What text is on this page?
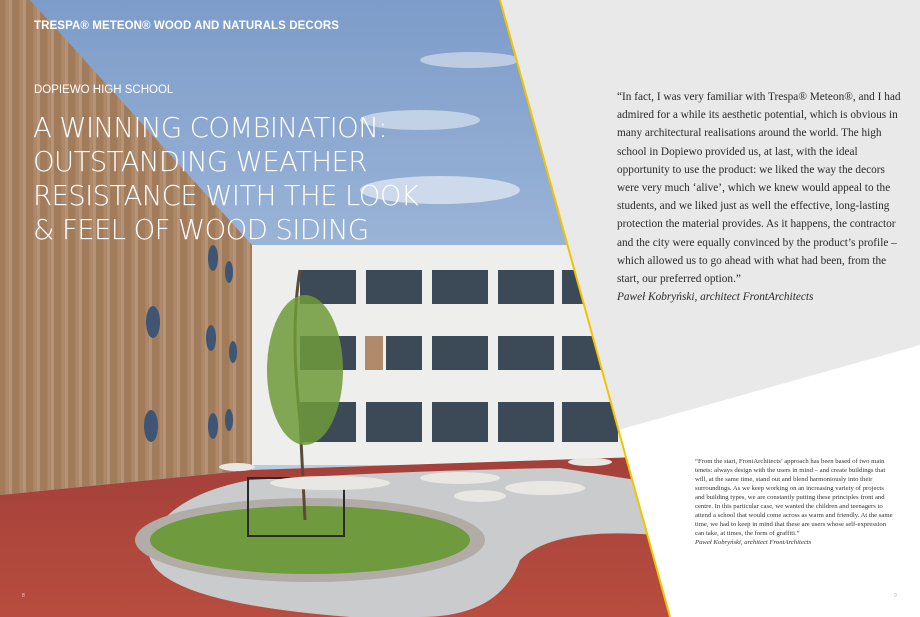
TRESPA® METEON® WOOD AND NATURALS DECORS
DOPIEWO HIGH SCHOOL
A WINNING COMBINATION:
OUTSTANDING WEATHER
RESISTANCE WITH THE LOOK
& FEEL OF WOOD SIDING
“In fact, I was very familiar with Trespa® Meteon®, and I had admired for a while its aesthetic potential, which is obvious in many architectural realisations around the world. The high school in Dopiewo provided us, at last, with the ideal opportunity to use the product: we liked the way the decors were very much ‘alive’, which we knew would appeal to the students, and we liked just as well the effective, long-lasting protection the material provides. As it happens, the contractor and the city were equally convinced by the product’s profile – which allowed us to go ahead with what had been, from the start, our preferred option.”
Paweł Kobryński, architect FrontArchitects
“From the start, FrontArchitects’ approach has been based of two main tenets: always design with the users in mind – and create buildings that will, at the same time, stand out and blend harmoniously into their surroundings. As we keep working on an increasing variety of projects and building types, we are constantly putting these principles front and centre. In this particular case, we wanted the children and teenagers to attend a school that would come across as warm and friendly. At the same time, we had to keep in mind that these are users whose self-expression can take, at times, the form of graffiti.”
Paweł Kobryński, architect FrontArchitects
8	9
